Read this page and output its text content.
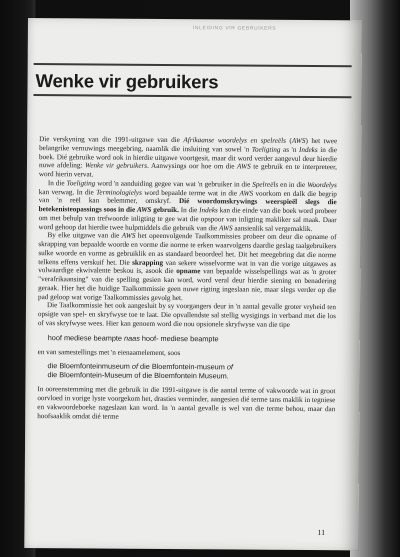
INLEIDING VIR GEBRUIKERS
Wenke vir gebruikers

Die verskyning van die 1991-uitgawe van die Afrikaanse woordelys en spelreëls (AWS) het twee belangrike vernuwings meegebring, naamlik die insluiting van sowel 'n Toeligting as 'n Indeks in die boek. Dié gebruike word ook in hierdie uitgawe voortgesit, maar dit word verder aangevul deur hierdie nuwe afdeling: Wenke vir gebruikers. Aanwysings oor hoe om die AWS te gebruik en te interpreteer, word hierin vervat.

In die Toeligting word 'n aanduiding gegee van wat 'n gebruiker in die Spelreëls en in die Woordelys kan verwag. In die Terminologielys word bepaalde terme wat in die AWS voorkom en dalk die begrip van 'n reël kan belemmer, omskryf. Dié woordomskrywings weerspieël slegs die betekenisteopassings soos in die AWS gebruik. In die Indeks kan die einde van die boek word probeer om met behulp van trefwoorde inligting te gee wat die opspoor van inligting makliker sal maak. Daar word gehoop dat hierdie twee hulpmiddels die gebruik van die AWS aansienlik sal vergemaklik.

By elke uitgawe van die AWS het opeenvolgende Taalkommissies probeer om deur die opname of skrapping van bepaalde woorde en vorme die norme te erken waarvolgens daardie geslag taalgebruikers sulke woorde en vorme as gebruiklik en as standaard beoordeel het. Dit het meegebring dat die norme telkens effens verskuif het. Die skrapping van sekere wisselvorme wat in van die vorige uitgawes as volwaardige ekwivalente beskou is, asook die opname van bepaalde wisselspellings wat as 'n groter "verafrikaansing" van die spelling gesien kan word, word veral deur hierdie siening en benadering geraak. Hier het die huidige Taalkommissie geen nuwe rigting ingeslaan nie, maar slegs verder op die pad geloop wat vorige Taalkommissies gevolg het.

Die Taalkommissie het ook aangesluit by sy voorgangers deur in 'n aantal gevalle groter vryheid ten opsigte van spel- en skryfwyse toe te laat. Die opvallendste sal stellig wysigings in verband met die los of vas skryfwyse wees. Hier kan genoem word die nou opsionele skryfwyse van die tipe

hoof mediese beampte naas hoof- mediese beampte

en van samestellings met 'n eienaamelement, soos

die Bloemfonteinmuseum of die Bloemfontein-museum of
die Bloemfontein-Museum of die Bloemfontein Museum.

In ooreenstemming met die gebruik in die 1991-uitgawe is die aantal terme of vakwoorde wat in groot oorvloed in vorige lyste voorgekom het, drasties verminder, aangesien dié terme tans maklik in tegniese en vakwoordeboeke nageslaan kan word. In 'n aantal gevalle is wel van die terme behou, maar dan hoofsaaklik omdat dié terme

11
